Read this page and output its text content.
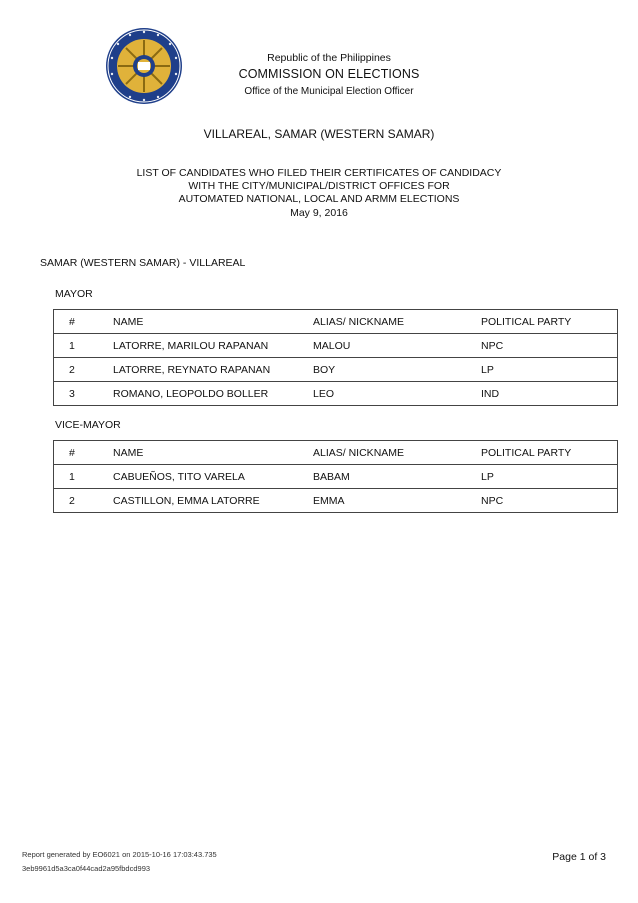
Republic of the Philippines
COMMISSION ON ELECTIONS
Office of the Municipal Election Officer
VILLAREAL, SAMAR (WESTERN SAMAR)
LIST OF CANDIDATES WHO FILED THEIR CERTIFICATES OF CANDIDACY
WITH THE CITY/MUNICIPAL/DISTRICT OFFICES FOR
AUTOMATED NATIONAL, LOCAL AND ARMM ELECTIONS
May 9, 2016
SAMAR (WESTERN SAMAR) - VILLAREAL
MAYOR
#	NAME	ALIAS/ NICKNAME	POLITICAL PARTY
1	LATORRE, MARILOU RAPANAN	MALOU	NPC
2	LATORRE, REYNATO RAPANAN	BOY	LP
3	ROMANO, LEOPOLDO BOLLER	LEO	IND
VICE-MAYOR
#	NAME	ALIAS/ NICKNAME	POLITICAL PARTY
1	CABUEÑOS, TITO VARELA	BABAM	LP
2	CASTILLON, EMMA LATORRE	EMMA	NPC
Report generated by EO6021 on 2015-10-16 17:03:43.735
3eb9961d5a3ca0f44cad2a95fbdcd993
Page 1 of 3
